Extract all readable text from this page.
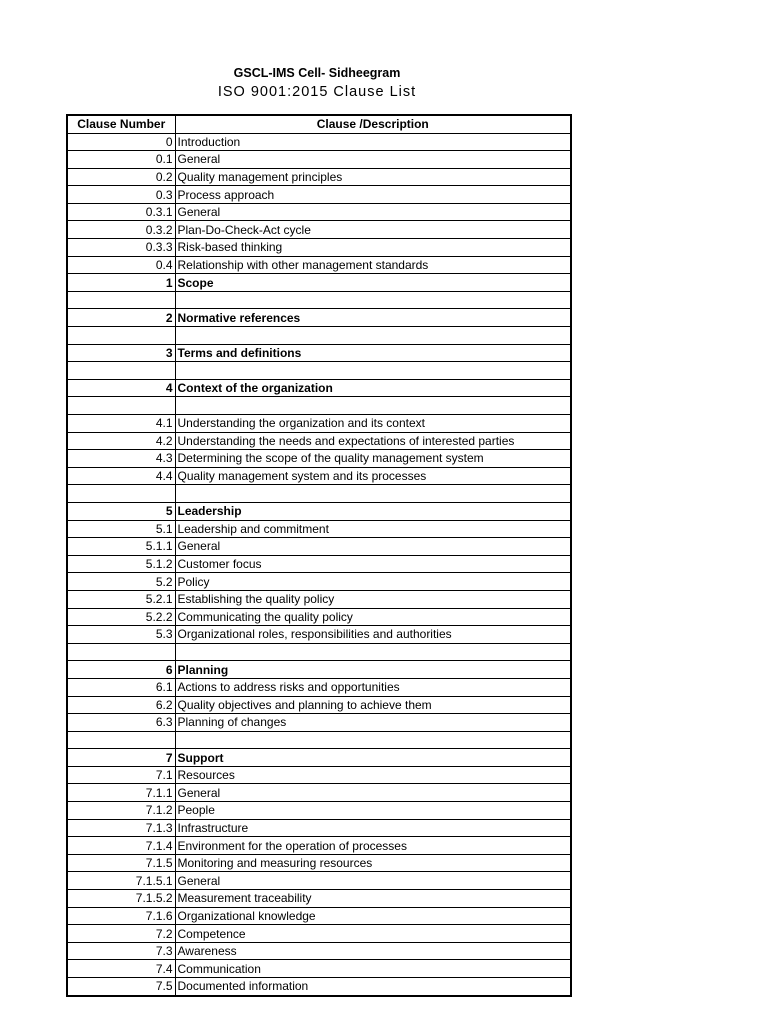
GSCL-IMS Cell- Sidheegram
ISO 9001:2015 Clause List
Clause Number	Clause /Description
0	Introduction
0.1	General
0.2	Quality management principles
0.3	Process approach
0.3.1	General
0.3.2	Plan-Do-Check-Act cycle
0.3.3	Risk-based thinking
0.4	Relationship with other management standards
1	Scope

2	Normative references

3	Terms and definitions

4	Context of the organization

4.1	Understanding the organization and its context
4.2	Understanding the needs and expectations of interested parties
4.3	Determining the scope of the quality management system
4.4	Quality management system and its processes

5	Leadership
5.1	Leadership and commitment
5.1.1	General
5.1.2	Customer focus
5.2	Policy
5.2.1	Establishing the quality policy
5.2.2	Communicating the quality policy
5.3	Organizational roles, responsibilities and authorities

6	Planning
6.1	Actions to address risks and opportunities
6.2	Quality objectives and planning to achieve them
6.3	Planning of changes

7	Support
7.1	Resources
7.1.1	General
7.1.2	People
7.1.3	Infrastructure
7.1.4	Environment for the operation of processes
7.1.5	Monitoring and measuring resources
7.1.5.1	General
7.1.5.2	Measurement traceability
7.1.6	Organizational knowledge
7.2	Competence
7.3	Awareness
7.4	Communication
7.5	Documented information
